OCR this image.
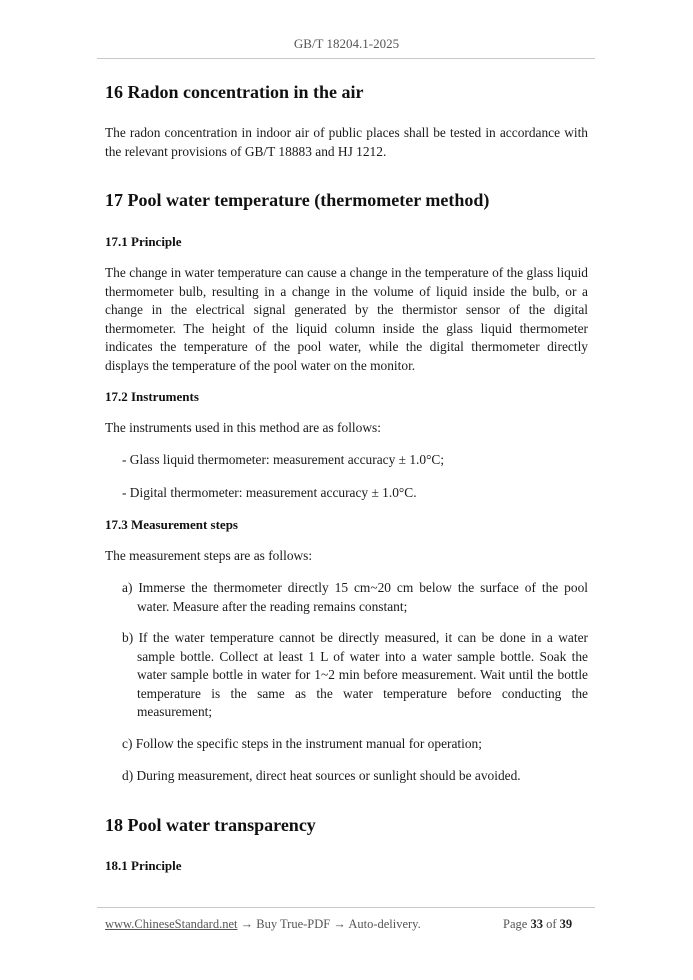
GB/T 18204.1-2025
16 Radon concentration in the air
The radon concentration in indoor air of public places shall be tested in accordance with the relevant provisions of GB/T 18883 and HJ 1212.
17 Pool water temperature (thermometer method)
17.1 Principle
The change in water temperature can cause a change in the temperature of the glass liquid thermometer bulb, resulting in a change in the volume of liquid inside the bulb, or a change in the electrical signal generated by the thermistor sensor of the digital thermometer. The height of the liquid column inside the glass liquid thermometer indicates the temperature of the pool water, while the digital thermometer directly displays the temperature of the pool water on the monitor.
17.2 Instruments
The instruments used in this method are as follows:
- Glass liquid thermometer: measurement accuracy ± 1.0°C;
- Digital thermometer: measurement accuracy ± 1.0°C.
17.3 Measurement steps
The measurement steps are as follows:
a) Immerse the thermometer directly 15 cm~20 cm below the surface of the pool water. Measure after the reading remains constant;
b) If the water temperature cannot be directly measured, it can be done in a water sample bottle. Collect at least 1 L of water into a water sample bottle. Soak the water sample bottle in water for 1~2 min before measurement. Wait until the bottle temperature is the same as the water temperature before conducting the measurement;
c) Follow the specific steps in the instrument manual for operation;
d) During measurement, direct heat sources or sunlight should be avoided.
18 Pool water transparency
18.1 Principle
www.ChineseStandard.net → Buy True-PDF → Auto-delivery.	Page 33 of 39
